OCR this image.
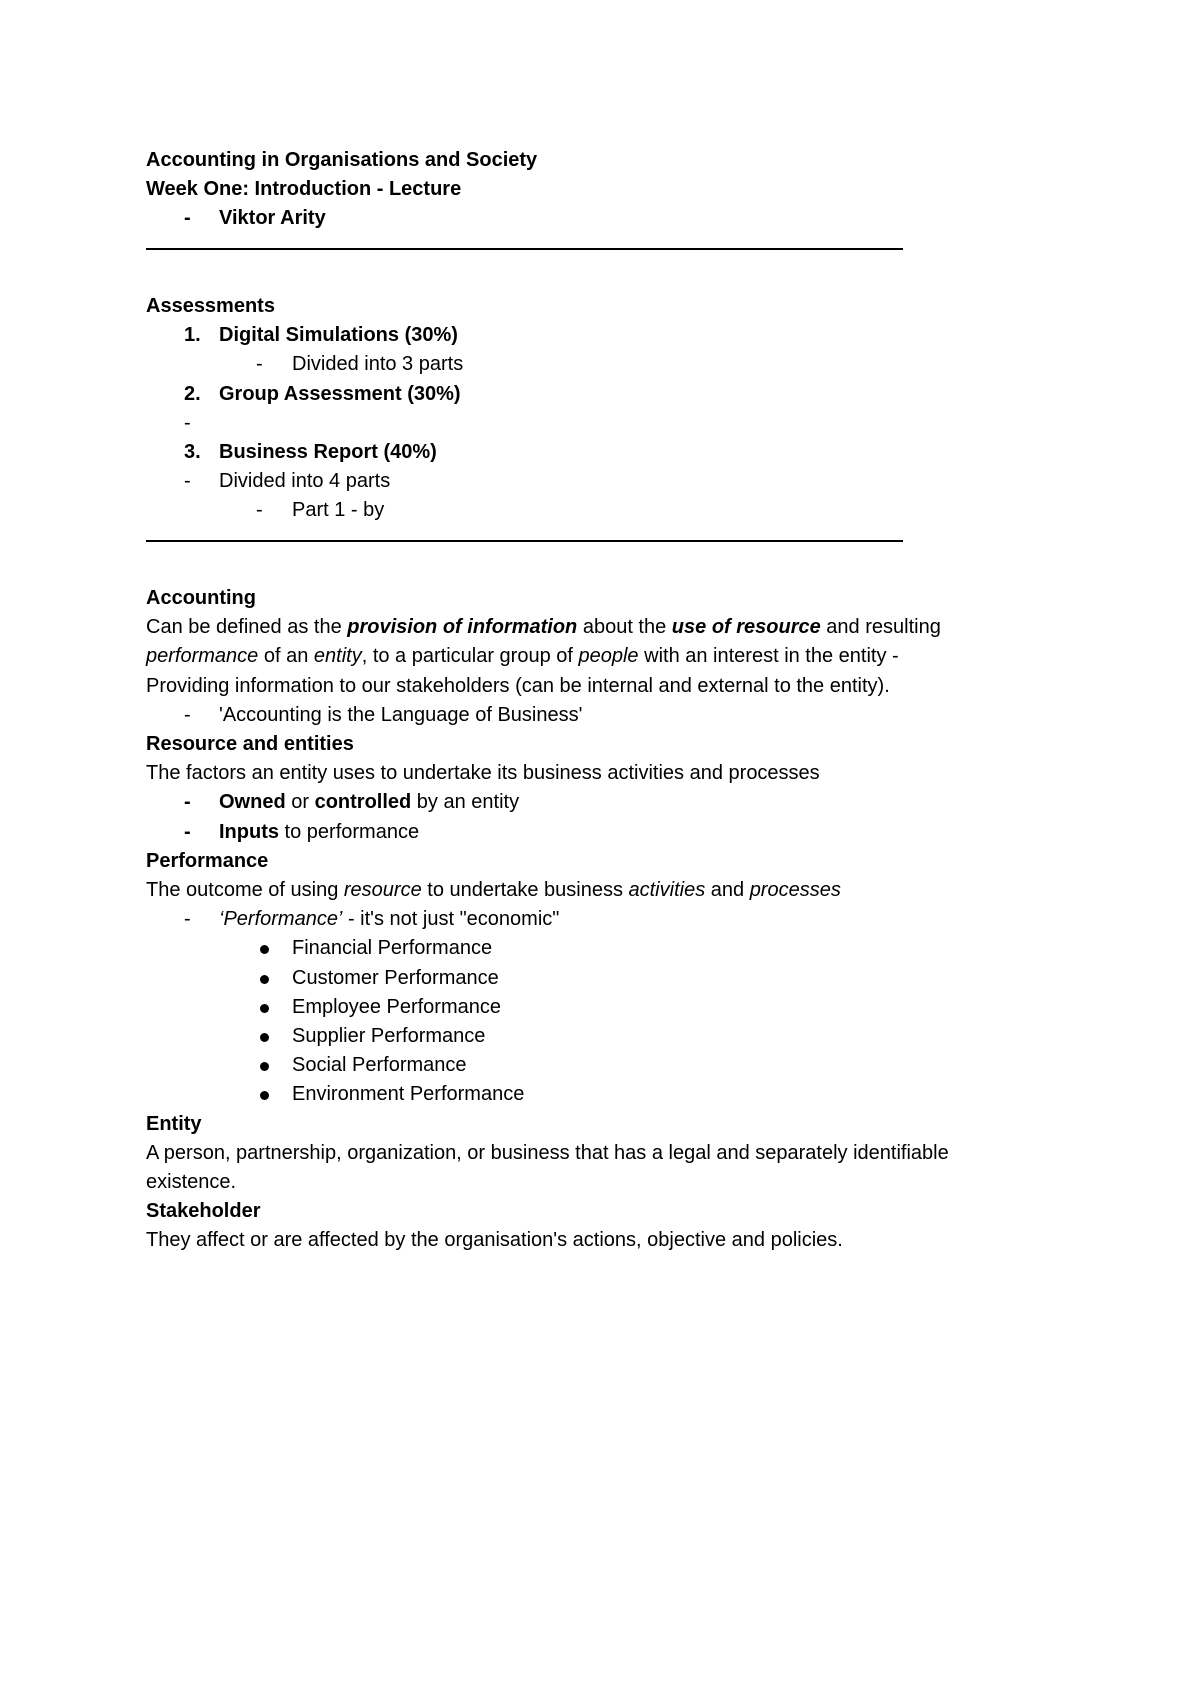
Accounting in Organisations and Society
Week One: Introduction - Lecture
- Viktor Arity
Assessments
1. Digital Simulations (30%)
- Divided into 3 parts
2. Group Assessment (30%)
-
3. Business Report (40%)
- Divided into 4 parts
- Part 1 - by
Accounting
Can be defined as the provision of information about the use of resource and resulting
performance of an entity, to a particular group of people with an interest in the entity -
Providing information to our stakeholders (can be internal and external to the entity).
- 'Accounting is the Language of Business'
Resource and entities
The factors an entity uses to undertake its business activities and processes
- Owned or controlled by an entity
- Inputs to performance
Performance
The outcome of using resource to undertake business activities and processes
- ‘Performance’ - it's not just "economic"
Financial Performance
Customer Performance
Employee Performance
Supplier Performance
Social Performance
Environment Performance
Entity
A person, partnership, organization, or business that has a legal and separately identifiable
existence.
Stakeholder
They affect or are affected by the organisation's actions, objective and policies.
